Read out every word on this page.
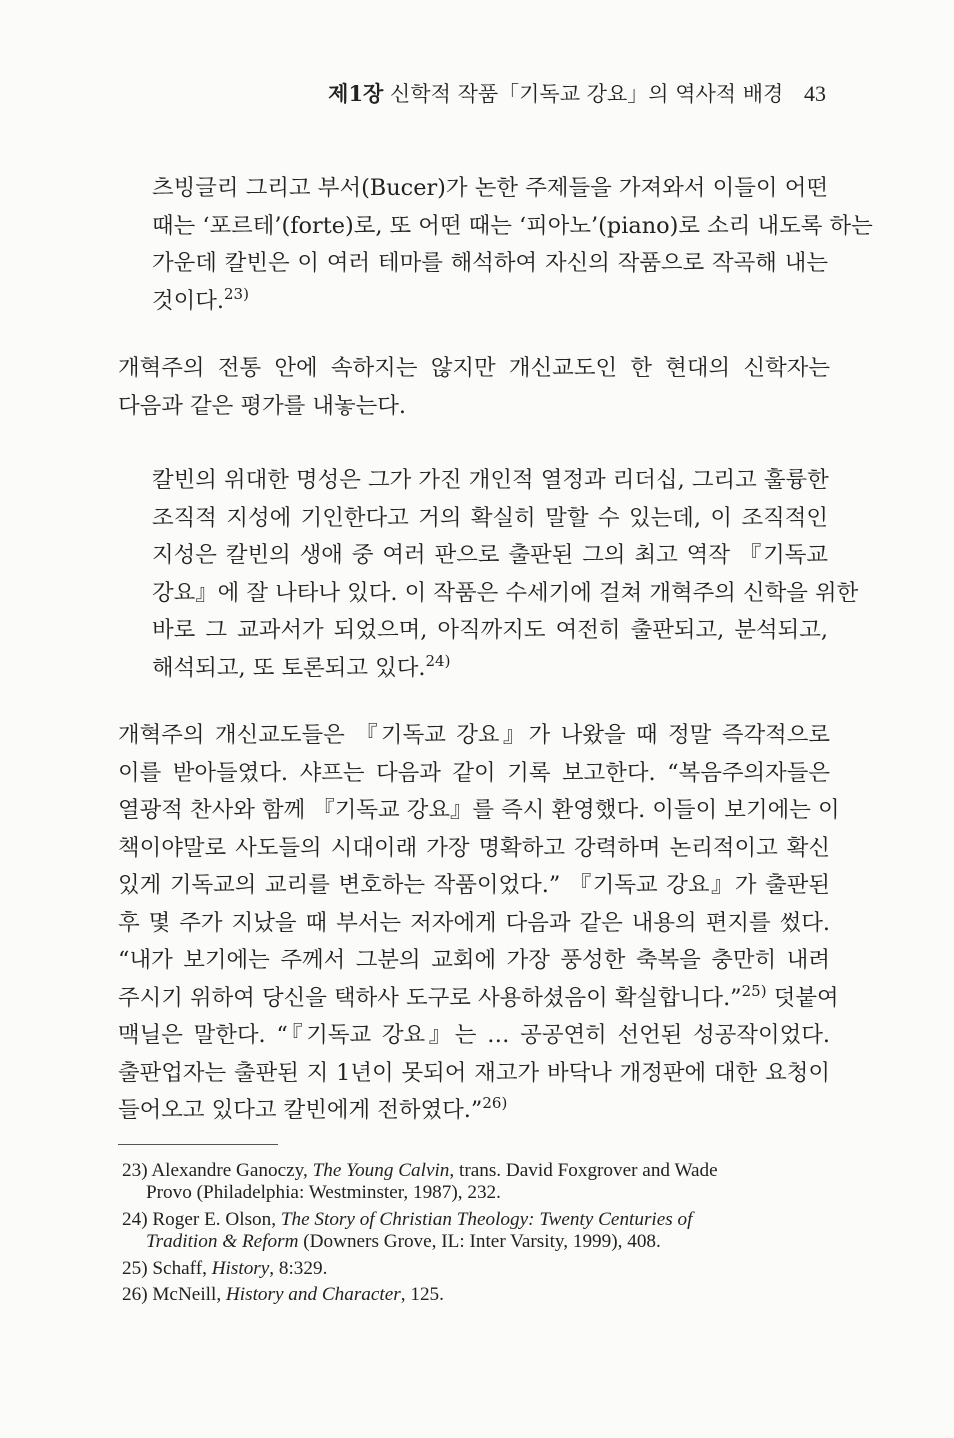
제1장 신학적 작품「기독교 강요」의 역사적 배경 43
츠빙글리 그리고 부서(Bucer)가 논한 주제들을 가져와서 이들이 어떤
때는 ‘포르테’(forte)로, 또 어떤 때는 ‘피아노’(piano)로 소리 내도록 하는
가운데 칼빈은 이 여러 테마를 해석하여 자신의 작품으로 작곡해 내는
것이다.$^{23)}$
개혁주의 전통 안에 속하지는 않지만 개신교도인 한 현대의 신학자는
다음과 같은 평가를 내놓는다.
칼빈의 위대한 명성은 그가 가진 개인적 열정과 리더십, 그리고 훌륭한
조직적 지성에 기인한다고 거의 확실히 말할 수 있는데, 이 조직적인
지성은 칼빈의 생애 중 여러 판으로 출판된 그의 최고 역작 『기독교
강요』에 잘 나타나 있다. 이 작품은 수세기에 걸쳐 개혁주의 신학을 위한
바로 그 교과서가 되었으며, 아직까지도 여전히 출판되고, 분석되고,
해석되고, 또 토론되고 있다.$^{24)}$
개혁주의 개신교도들은 『기독교 강요』가 나왔을 때 정말 즉각적으로
이를 받아들였다. 샤프는 다음과 같이 기록 보고한다. “복음주의자들은
열광적 찬사와 함께 『기독교 강요』를 즉시 환영했다. 이들이 보기에는 이
책이야말로 사도들의 시대이래 가장 명확하고 강력하며 논리적이고 확신
있게 기독교의 교리를 변호하는 작품이었다.” 『기독교 강요』가 출판된
후 몇 주가 지났을 때 부서는 저자에게 다음과 같은 내용의 편지를 썼다.
“내가 보기에는 주께서 그분의 교회에 가장 풍성한 축복을 충만히 내려
주시기 위하여 당신을 택하사 도구로 사용하셨음이 확실합니다.”$^{25)}$ 덧붙여
맥닐은 말한다. “『기독교 강요』는 … 공공연히 선언된 성공작이었다.
출판업자는 출판된 지 1년이 못되어 재고가 바닥나 개정판에 대한 요청이
들어오고 있다고 칼빈에게 전하였다.”$^{26)}$
23) Alexandre Ganoczy, The Young Calvin, trans. David Foxgrover and Wade
Provo (Philadelphia: Westminster, 1987), 232.
24) Roger E. Olson, The Story of Christian Theology: Twenty Centuries of
Tradition & Reform (Downers Grove, IL: Inter Varsity, 1999), 408.
25) Schaff, History, 8:329.
26) McNeill, History and Character, 125.
